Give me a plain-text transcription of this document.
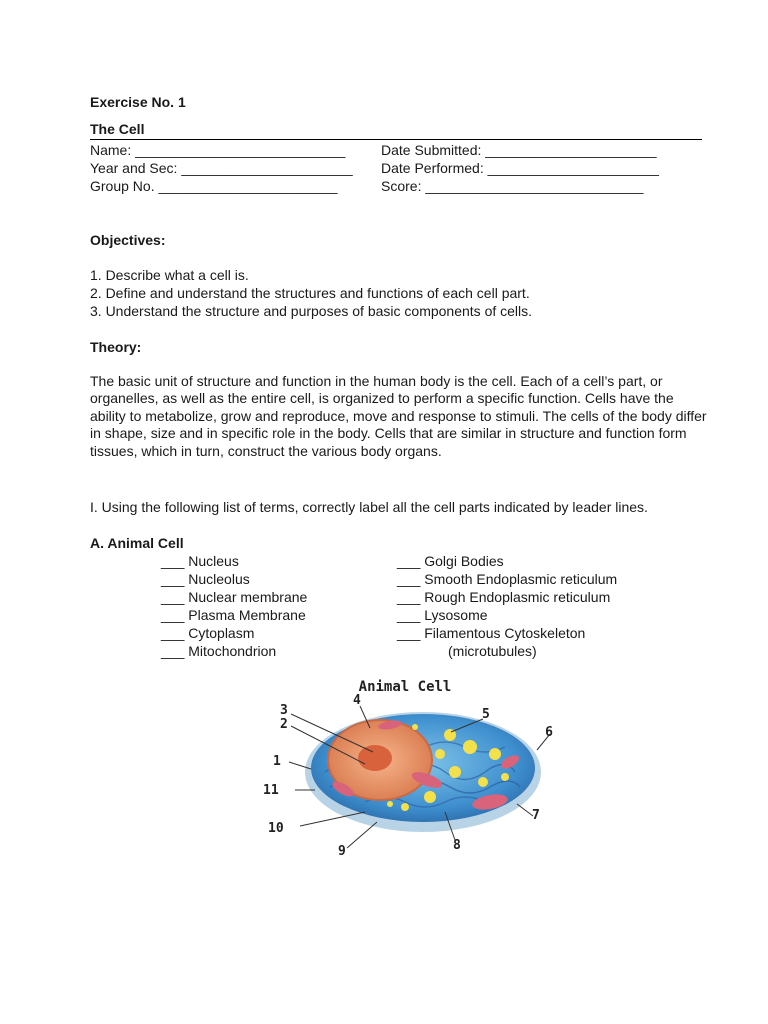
Exercise No. 1
The Cell
Name: ___________________________	Date Submitted: ______________________
Year and Sec: ______________________ Date Performed: ______________________
Group No. _______________________	Score: ____________________________
Objectives:
1. Describe what a cell is.
2. Define and understand the structures and functions of each cell part.
3. Understand the structure and purposes of basic components of cells.
Theory:
The basic unit of structure and function in the human body is the cell. Each of a cell’s part, or organelles, as well as the entire cell, is organized to perform a specific function. Cells have the ability to metabolize, grow and reproduce, move and response to stimuli. The cells of the body differ in shape, size and in specific role in the body. Cells that are similar in structure and function form tissues, which in turn, construct the various body organs.
I. Using the following list of terms, correctly label all the cell parts indicated by leader lines.
A. Animal Cell
___ Nucleus
___ Nucleolus
___ Nuclear membrane
___ Plasma Membrane
___ Cytoplasm
___ Mitochondrion
___ Golgi Bodies
___ Smooth Endoplasmic reticulum
___ Rough Endoplasmic reticulum
___ Lysosome
___ Filamentous Cytoskeleton
(microtubules)
Animal Cell
3
2
4
5
6
1
11
10
9	8
7
